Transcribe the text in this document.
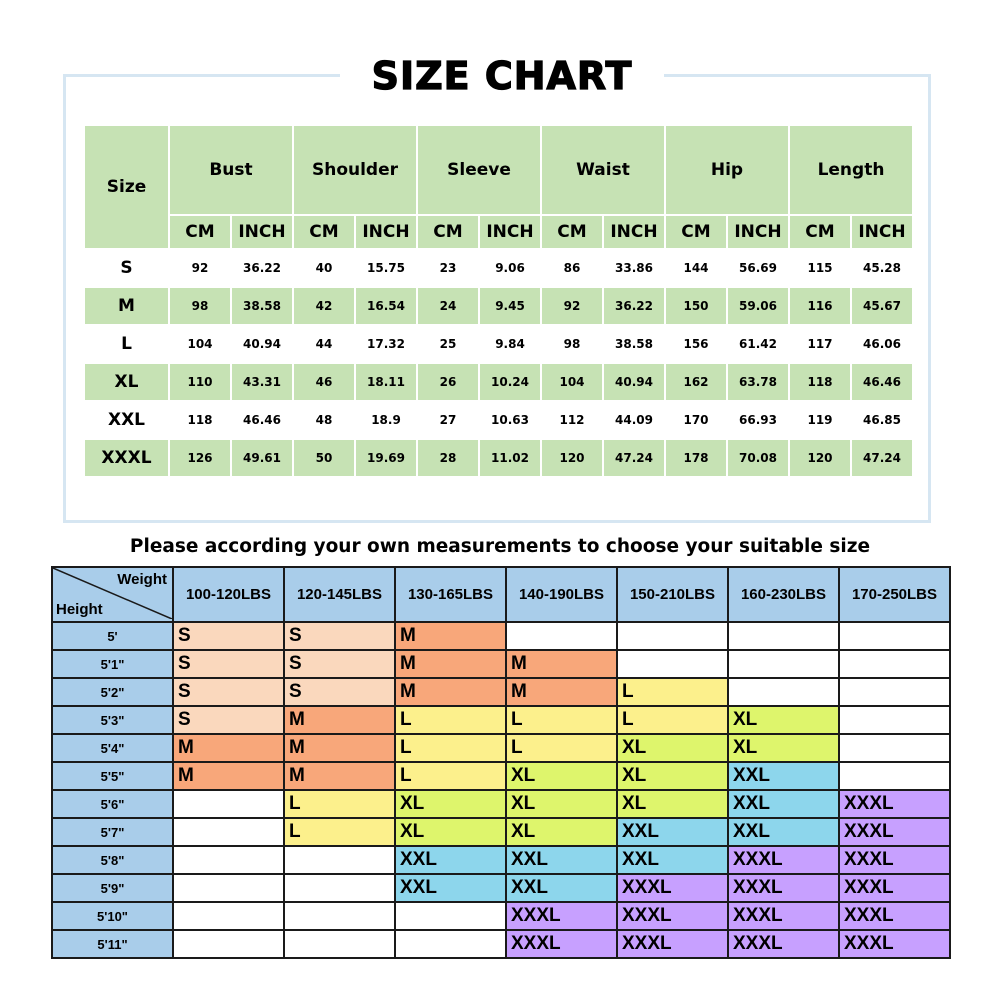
SIZE CHART
Size	Bust		Shoulder		Sleeve		Waist		Hip		Length	
	CM	INCH	CM	INCH	CM	INCH	CM	INCH	CM	INCH	CM	INCH
S	92	36.22	40	15.75	23	9.06	86	33.86	144	56.69	115	45.28
M	98	38.58	42	16.54	24	9.45	92	36.22	150	59.06	116	45.67
L	104	40.94	44	17.32	25	9.84	98	38.58	156	61.42	117	46.06
XL	110	43.31	46	18.11	26	10.24	104	40.94	162	63.78	118	46.46
XXL	118	46.46	48	18.9	27	10.63	112	44.09	170	66.93	119	46.85
XXXL	126	49.61	50	19.69	28	11.02	120	47.24	178	70.08	120	47.24
Please according your own measurements to choose your suitable size
Weight
Height	100-120LBS	120-145LBS	130-165LBS	140-190LBS	150-210LBS	160-230LBS	170-250LBS
5'	S	S	M				
5'1"	S	S	M	M			
5'2"	S	S	M	M	L		
5'3"	S	M	L	L	L	XL	
5'4"	M	M	L	L	XL	XL	
5'5"	M	M	L	XL	XL	XXL	
5'6"		L	XL	XL	XL	XXL	XXXL
5'7"		L	XL	XL	XXL	XXL	XXXL
5'8"			XXL	XXL	XXL	XXXL	XXXL
5'9"			XXL	XXL	XXXL	XXXL	XXXL
5'10"				XXXL	XXXL	XXXL	XXXL
5'11"				XXXL	XXXL	XXXL	XXXL
